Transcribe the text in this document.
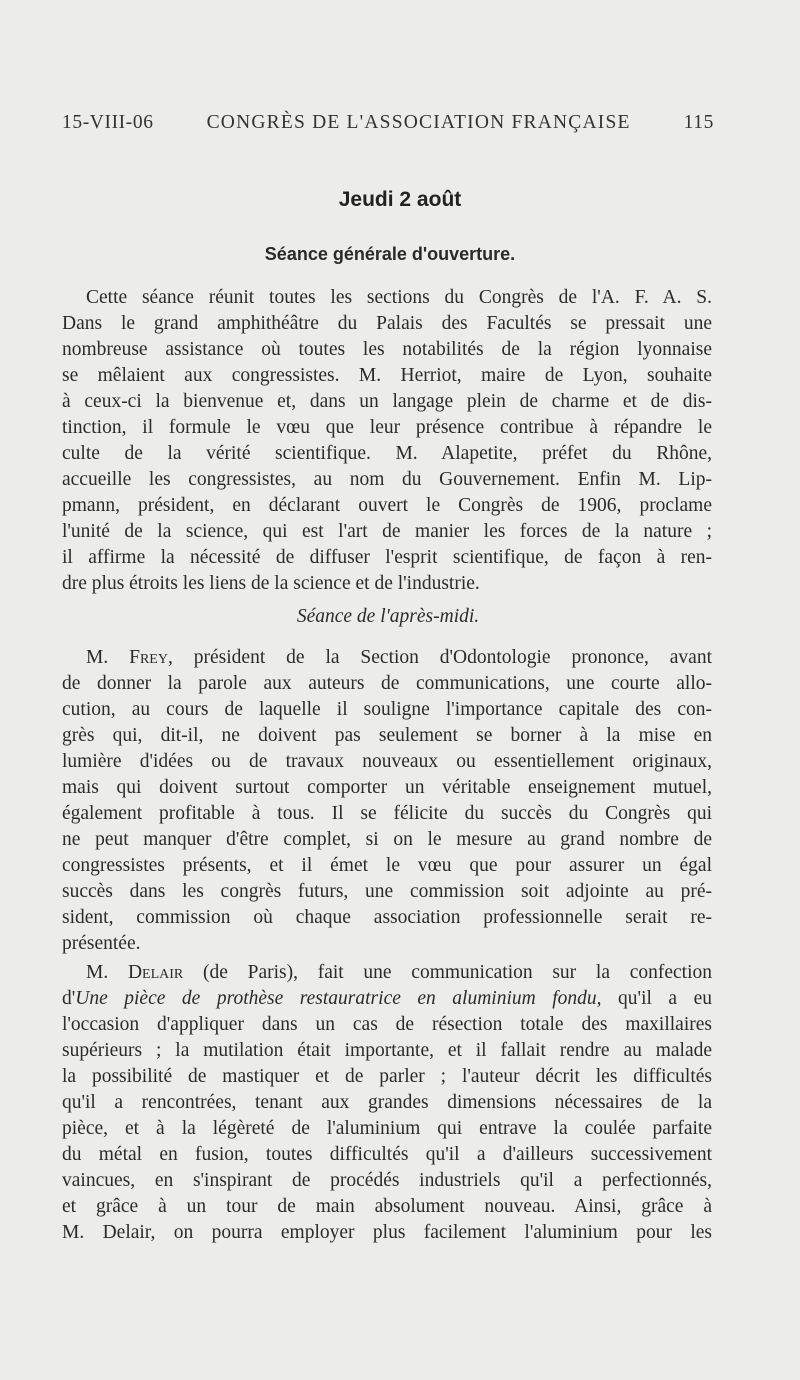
15-VIII-06	CONGRÈS DE L'ASSOCIATION FRANÇAISE	115
Jeudi 2 août
Séance générale d'ouverture.
Cette séance réunit toutes les sections du Congrès de l'A. F. A. S.
Dans le grand amphithéâtre du Palais des Facultés se pressait une
nombreuse assistance où toutes les notabilités de la région lyonnaise
se mêlaient aux congressistes. M. Herriot, maire de Lyon, souhaite
à ceux-ci la bienvenue et, dans un langage plein de charme et de dis-
tinction, il formule le vœu que leur présence contribue à répandre le
culte de la vérité scientifique. M. Alapetite, préfet du Rhône,
accueille les congressistes, au nom du Gouvernement. Enfin M. Lip-
pmann, président, en déclarant ouvert le Congrès de 1906, proclame
l'unité de la science, qui est l'art de manier les forces de la nature ;
il affirme la nécessité de diffuser l'esprit scientifique, de façon à ren-
dre plus étroits les liens de la science et de l'industrie.
Séance de l'après-midi.
M. Frey, président de la Section d'Odontologie prononce, avant
de donner la parole aux auteurs de communications, une courte allo-
cution, au cours de laquelle il souligne l'importance capitale des con-
grès qui, dit-il, ne doivent pas seulement se borner à la mise en
lumière d'idées ou de travaux nouveaux ou essentiellement originaux,
mais qui doivent surtout comporter un véritable enseignement mutuel,
également profitable à tous. Il se félicite du succès du Congrès qui
ne peut manquer d'être complet, si on le mesure au grand nombre de
congressistes présents, et il émet le vœu que pour assurer un égal
succès dans les congrès futurs, une commission soit adjointe au pré-
sident, commission où chaque association professionnelle serait re-
présentée.
M. Delair (de Paris), fait une communication sur la confection
d'Une pièce de prothèse restauratrice en aluminium fondu, qu'il a eu
l'occasion d'appliquer dans un cas de résection totale des maxillaires
supérieurs ; la mutilation était importante, et il fallait rendre au malade
la possibilité de mastiquer et de parler ; l'auteur décrit les difficultés
qu'il a rencontrées, tenant aux grandes dimensions nécessaires de la
pièce, et à la légèreté de l'aluminium qui entrave la coulée parfaite
du métal en fusion, toutes difficultés qu'il a d'ailleurs successivement
vaincues, en s'inspirant de procédés industriels qu'il a perfectionnés,
et grâce à un tour de main absolument nouveau. Ainsi, grâce à
M. Delair, on pourra employer plus facilement l'aluminium pour les
